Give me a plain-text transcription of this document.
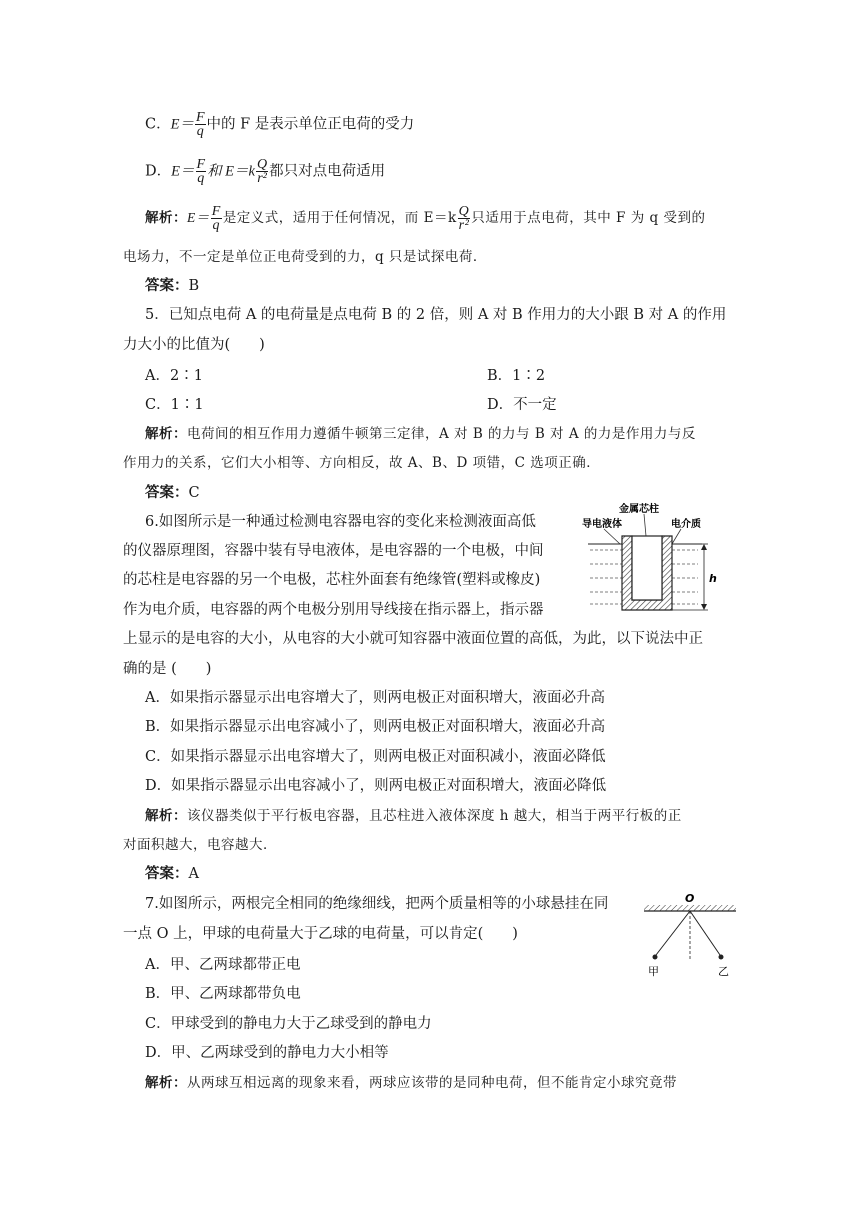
C．$E= \frac{F}{q}$ 中的 F 是表示单位正电荷的受力
D．$E= \frac{F}{q}$ 和 $E=k \frac{Q}{\text{r²}}$ 都只对点电荷适用
解析：$E= \frac{F}{q}$ 是定义式，适用于任何情况，而 $E=k \frac{Q}{\text{r²}}$ 只适用于点电荷，其中 F 为 q 受到的
电场力，不一定是单位正电荷受到的力，q 只是试探电荷．
答案：B
5．已知点电荷 A 的电荷量是点电荷 B 的 2 倍，则 A 对 B 作用力的大小跟 B 对 A 的作用
力大小的比值为(　　)
A．2∶1	B．1∶2
C．1∶1	D．不一定
解析：电荷间的相互作用力遵循牛顿第三定律，A 对 B 的力与 B 对 A 的力是作用力与反
作用力的关系，它们大小相等、方向相反，故 A、B、D 项错，C 选项正确．
答案：C
6.如图所示是一种通过检测电容器电容的变化来检测液面高低
的仪器原理图，容器中装有导电液体，是电容器的一个电极，中间
的芯柱是电容器的另一个电极，芯柱外面套有绝缘管(塑料或橡皮)
作为电介质，电容器的两个电极分别用导线接在指示器上，指示器
上显示的是电容的大小，从电容的大小就可知容器中液面位置的高低，为此，以下说法中正
确的是 (　　)
A．如果指示器显示出电容增大了，则两电极正对面积增大，液面必升高
B．如果指示器显示出电容减小了，则两电极正对面积增大，液面必升高
C．如果指示器显示出电容增大了，则两电极正对面积减小，液面必降低
D．如果指示器显示出电容减小了，则两电极正对面积增大，液面必降低
解析：该仪器类似于平行板电容器，且芯柱进入液体深度 h 越大，相当于两平行板的正
对面积越大，电容越大．
答案：A
金属芯柱
导电液体	电介质
h
7.如图所示，两根完全相同的绝缘细线，把两个质量相等的小球悬挂在同
一点 O 上，甲球的电荷量大于乙球的电荷量，可以肯定(　　)
A．甲、乙两球都带正电
B．甲、乙两球都带负电
C．甲球受到的静电力大于乙球受到的静电力
D．甲、乙两球受到的静电力大小相等
解析：从两球互相远离的现象来看，两球应该带的是同种电荷，但不能肯定小球究竟带
O
甲	乙
